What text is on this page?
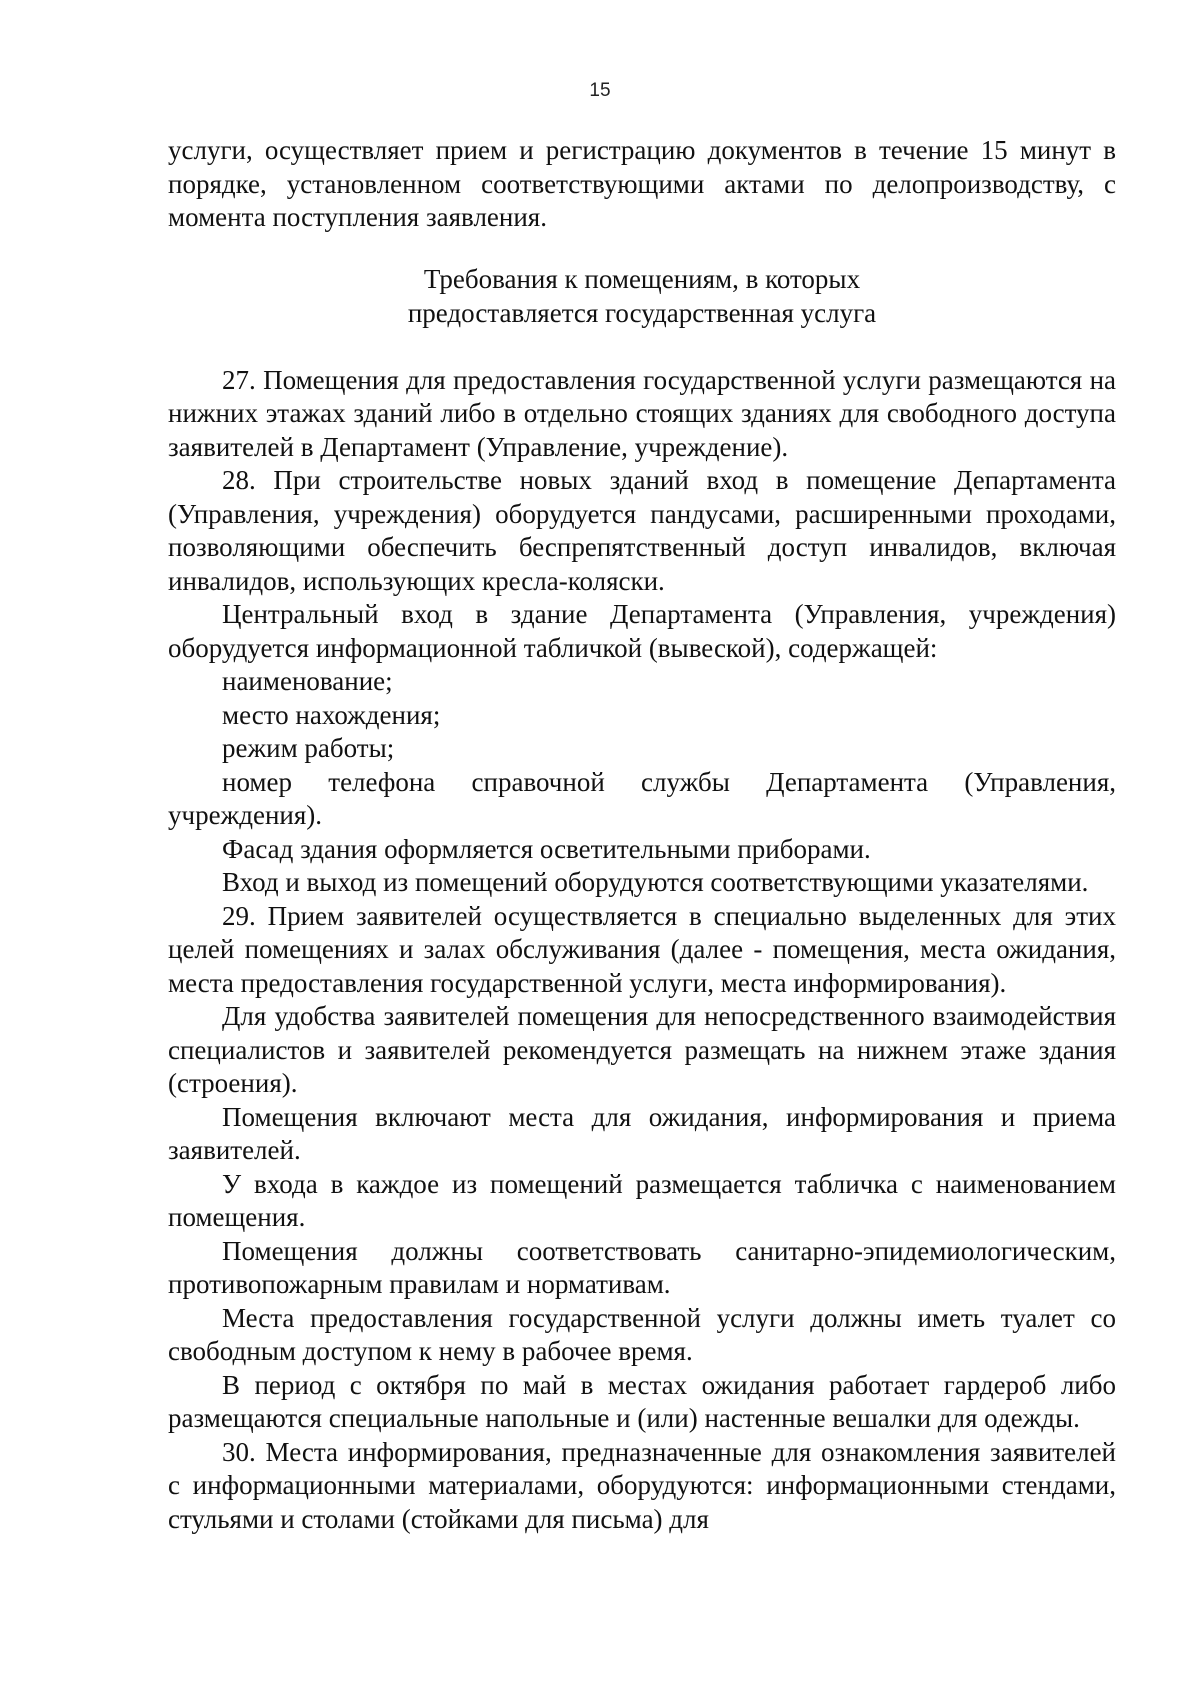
15

услуги, осуществляет прием и регистрацию документов в течение 15 минут в порядке, установленном соответствующими актами по делопроизводству, с момента поступления заявления.

Требования к помещениям, в которых
предоставляется государственная услуга

27. Помещения для предоставления государственной услуги размещаются на нижних этажах зданий либо в отдельно стоящих зданиях для свободного доступа заявителей в Департамент (Управление, учреждение).

28. При строительстве новых зданий вход в помещение Департамента (Управления, учреждения) оборудуется пандусами, расширенными проходами, позволяющими обеспечить беспрепятственный доступ инвалидов, включая инвалидов, использующих кресла-коляски.

Центральный вход в здание Департамента (Управления, учреждения) оборудуется информационной табличкой (вывеской), содержащей:

наименование;

место нахождения;

режим работы;

номер телефона справочной службы Департамента (Управления, учреждения).

Фасад здания оформляется осветительными приборами.

Вход и выход из помещений оборудуются соответствующими указателями.

29. Прием заявителей осуществляется в специально выделенных для этих целей помещениях и залах обслуживания (далее - помещения, места ожидания, места предоставления государственной услуги, места информирования).

Для удобства заявителей помещения для непосредственного взаимодействия специалистов и заявителей рекомендуется размещать на нижнем этаже здания (строения).

Помещения включают места для ожидания, информирования и приема заявителей.

У входа в каждое из помещений размещается табличка с наименованием помещения.

Помещения должны соответствовать санитарно-эпидемиологическим, противопожарным правилам и нормативам.

Места предоставления государственной услуги должны иметь туалет со свободным доступом к нему в рабочее время.

В период с октября по май в местах ожидания работает гардероб либо размещаются специальные напольные и (или) настенные вешалки для одежды.

30. Места информирования, предназначенные для ознакомления заявителей с информационными материалами, оборудуются: информационными стендами, стульями и столами (стойками для письма) для
